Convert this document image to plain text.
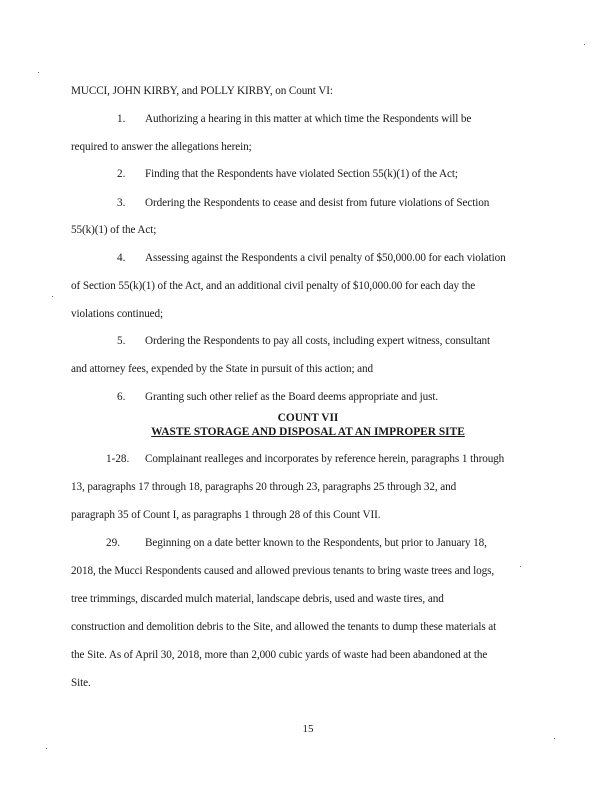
MUCCI, JOHN KIRBY, and POLLY KIRBY, on Count VI:
1. Authorizing a hearing in this matter at which time the Respondents will be
required to answer the allegations herein;
2. Finding that the Respondents have violated Section 55(k)(1) of the Act;
3. Ordering the Respondents to cease and desist from future violations of Section
55(k)(1) of the Act;
4. Assessing against the Respondents a civil penalty of $50,000.00 for each violation
of Section 55(k)(1) of the Act, and an additional civil penalty of $10,000.00 for each day the
violations continued;
5. Ordering the Respondents to pay all costs, including expert witness, consultant
and attorney fees, expended by the State in pursuit of this action; and
6. Granting such other relief as the Board deems appropriate and just.
COUNT VII
WASTE STORAGE AND DISPOSAL AT AN IMPROPER SITE
1-28. Complainant realleges and incorporates by reference herein, paragraphs 1 through
13, paragraphs 17 through 18, paragraphs 20 through 23, paragraphs 25 through 32, and
paragraph 35 of Count I, as paragraphs 1 through 28 of this Count VII.
29. Beginning on a date better known to the Respondents, but prior to January 18,
2018, the Mucci Respondents caused and allowed previous tenants to bring waste trees and logs,
tree trimmings, discarded mulch material, landscape debris, used and waste tires, and
construction and demolition debris to the Site, and allowed the tenants to dump these materials at
the Site. As of April 30, 2018, more than 2,000 cubic yards of waste had been abandoned at the
Site.
15
